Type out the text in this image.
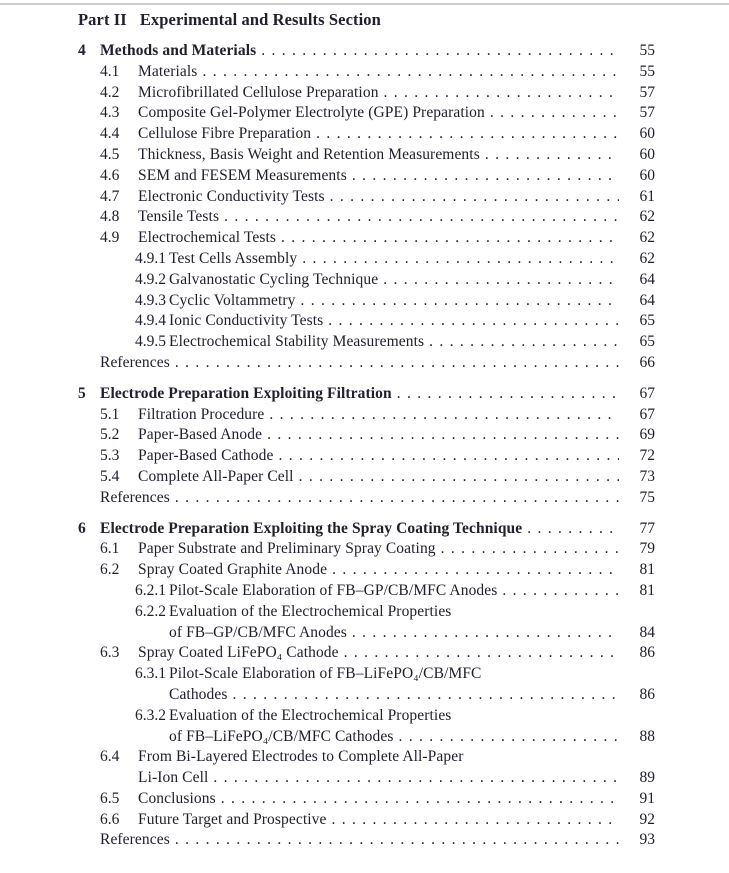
Part II Experimental and Results Section
4 Methods and Materials . . .	55
4.1	Materials . . .	55
4.2	Microfibrillated Cellulose Preparation . . .	57
4.3	Composite Gel-Polymer Electrolyte (GPE) Preparation . . .	57
4.4	Cellulose Fibre Preparation . . .	60
4.5	Thickness, Basis Weight and Retention Measurements . . .	60
4.6	SEM and FESEM Measurements . . .	60
4.7	Electronic Conductivity Tests . . .	61
4.8	Tensile Tests . . .	62
4.9	Electrochemical Tests . . .	62
4.9.1 Test Cells Assembly . . .	62
4.9.2 Galvanostatic Cycling Technique . . .	64
4.9.3 Cyclic Voltammetry . . .	64
4.9.4 Ionic Conductivity Tests . . .	65
4.9.5 Electrochemical Stability Measurements . . .	65
References . . .	66
5 Electrode Preparation Exploiting Filtration . . .	67
5.1	Filtration Procedure . . .	67
5.2	Paper-Based Anode . . .	69
5.3	Paper-Based Cathode . . .	72
5.4	Complete All-Paper Cell . . .	73
References . . .	75
6 Electrode Preparation Exploiting the Spray Coating Technique . . .	77
6.1	Paper Substrate and Preliminary Spray Coating . . .	79
6.2	Spray Coated Graphite Anode . . .	81
6.2.1 Pilot-Scale Elaboration of FB–GP/CB/MFC Anodes . . .	81
6.2.2 Evaluation of the Electrochemical Properties
of FB–GP/CB/MFC Anodes . . .	84
6.3	Spray Coated LiFePO₄ Cathode . . .	86
6.3.1 Pilot-Scale Elaboration of FB–LiFePO₄/CB/MFC
Cathodes . . .	86
6.3.2 Evaluation of the Electrochemical Properties
of FB–LiFePO₄/CB/MFC Cathodes . . .	88
6.4	From Bi-Layered Electrodes to Complete All-Paper
Li-Ion Cell . . .	89
6.5	Conclusions . . .	91
6.6	Future Target and Prospective . . .	92
References . . .	93
